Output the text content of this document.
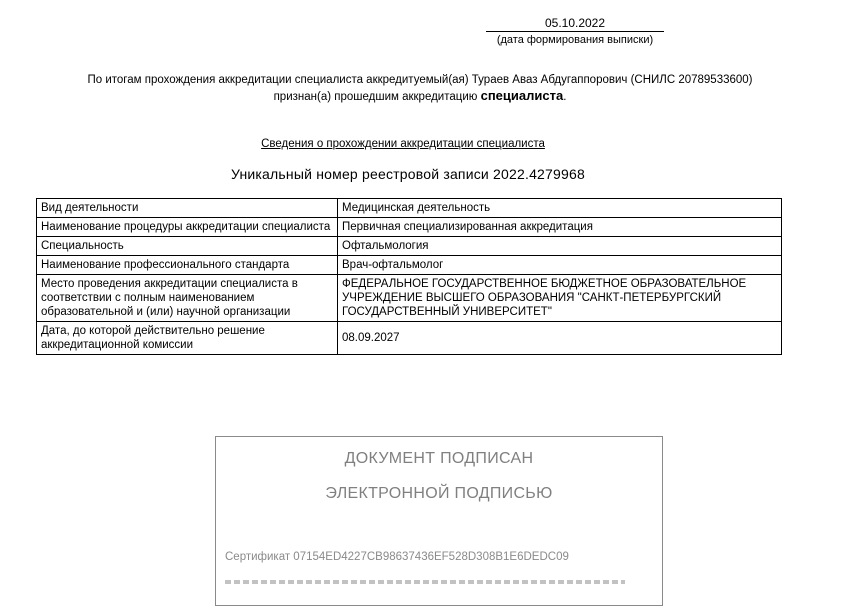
05.10.2022
(дата формирования выписки)
По итогам прохождения аккредитации специалиста аккредитуемый(ая) Тураев Аваз Абдугаппорович (СНИЛС 20789533600)
признан(а) прошедшим аккредитацию специалиста.
Сведения о прохождении аккредитации специалиста
Уникальный номер реестровой записи 2022.4279968
Вид деятельности	Медицинская деятельность
Наименование процедуры аккредитации специалиста	Первичная специализированная аккредитация
Специальность	Офтальмология
Наименование профессионального стандарта	Врач-офтальмолог
Место проведения аккредитации специалиста в соответствии с полным наименованием образовательной и (или) научной организации	ФЕДЕРАЛЬНОЕ ГОСУДАРСТВЕННОЕ БЮДЖЕТНОЕ ОБРАЗОВАТЕЛЬНОЕ УЧРЕЖДЕНИЕ ВЫСШЕГО ОБРАЗОВАНИЯ "САНКТ-ПЕТЕРБУРГСКИЙ ГОСУДАРСТВЕННЫЙ УНИВЕРСИТЕТ"
Дата, до которой действительно решение аккредитационной комиссии	08.09.2027
ДОКУМЕНТ ПОДПИСАН
ЭЛЕКТРОННОЙ ПОДПИСЬЮ
Сертификат 07154ED4227CB98637436EF528D308B1E6DEDC09
